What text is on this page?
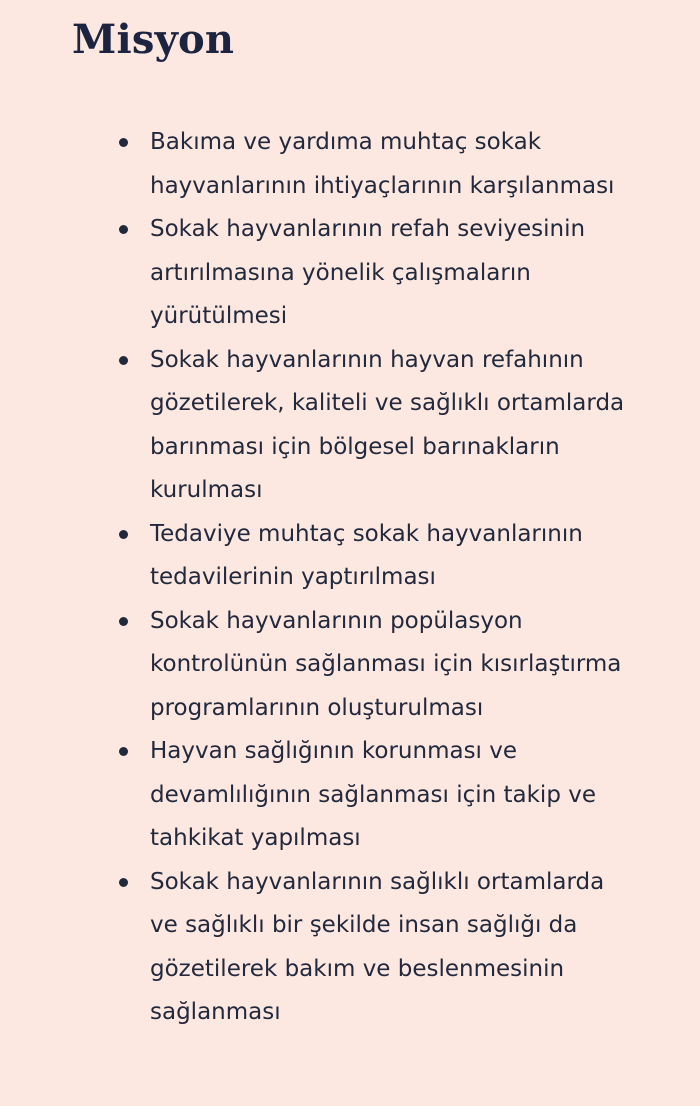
Misyon
Bakıma ve yardıma muhtaç sokak
hayvanlarının ihtiyaçlarının karşılanması
Sokak hayvanlarının refah seviyesinin
artırılmasına yönelik çalışmaların
yürütülmesi
Sokak hayvanlarının hayvan refahının
gözetilerek, kaliteli ve sağlıklı ortamlarda
barınması için bölgesel barınakların
kurulması
Tedaviye muhtaç sokak hayvanlarının
tedavilerinin yaptırılması
Sokak hayvanlarının popülasyon
kontrolünün sağlanması için kısırlaştırma
programlarının oluşturulması
Hayvan sağlığının korunması ve
devamlılığının sağlanması için takip ve
tahkikat yapılması
Sokak hayvanlarının sağlıklı ortamlarda
ve sağlıklı bir şekilde insan sağlığı da
gözetilerek bakım ve beslenmesinin
sağlanması
